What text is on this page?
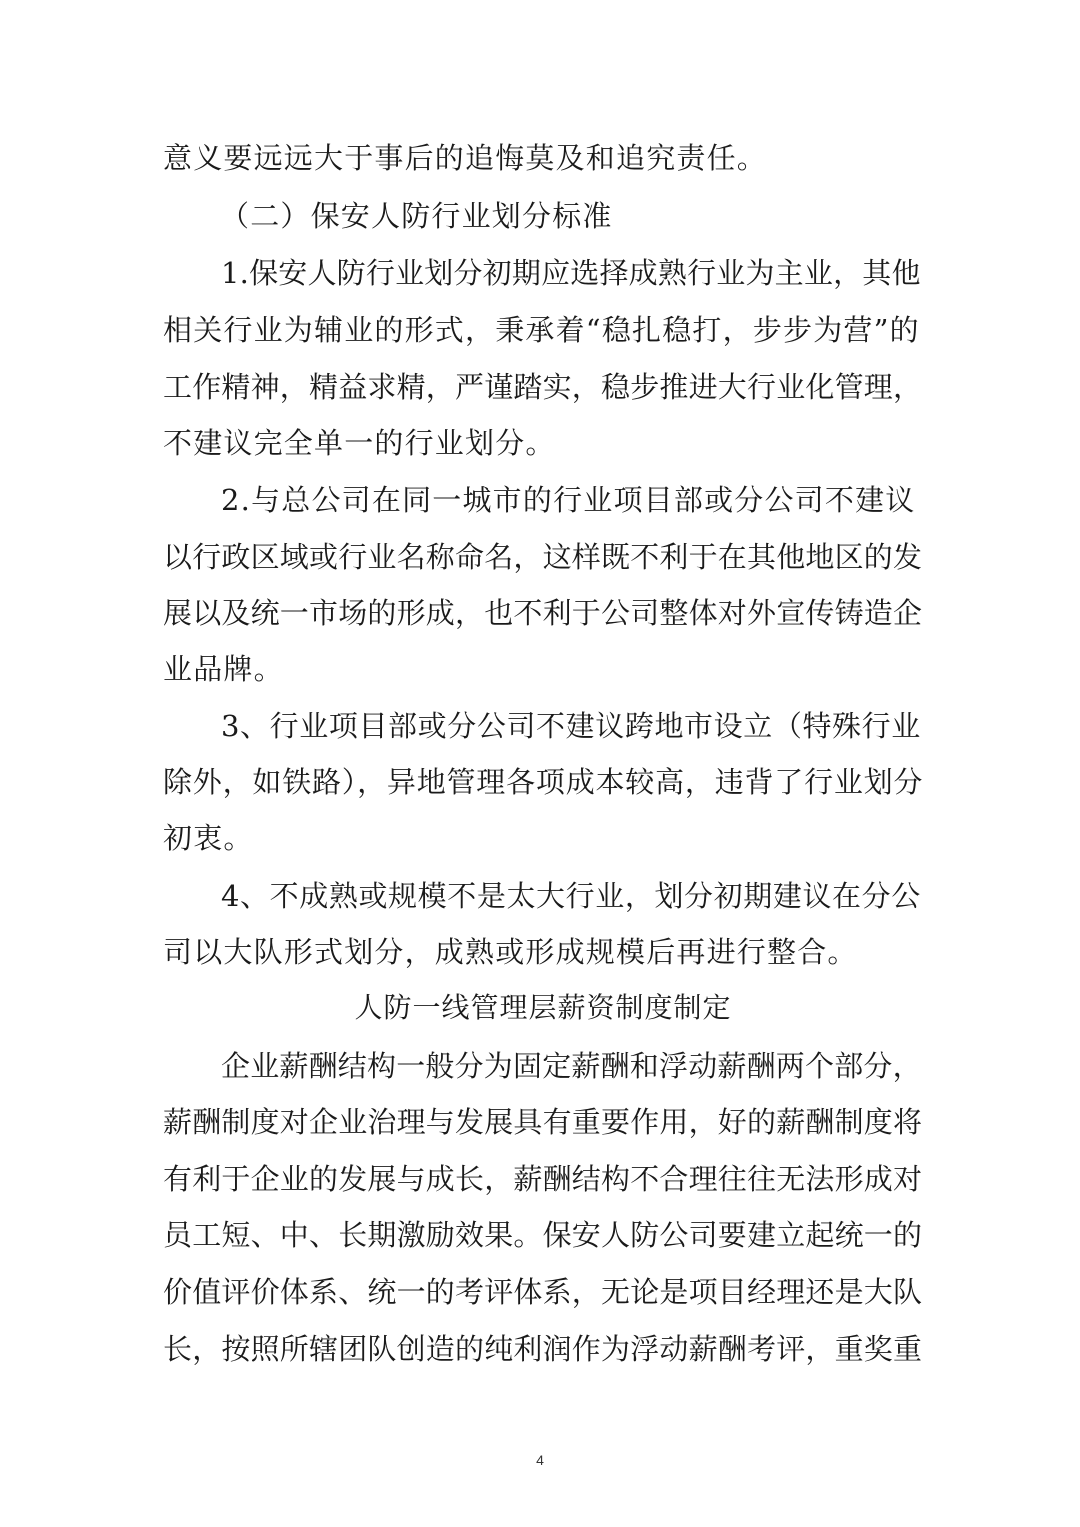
意义要远远大于事后的追悔莫及和追究责任。
（二）保安人防行业划分标准
1.保安人防行业划分初期应选择成熟行业为主业，其他
相关行业为辅业的形式，秉承着“稳扎稳打，步步为营”的
工作精神，精益求精，严谨踏实，稳步推进大行业化管理，
不建议完全单一的行业划分。
2.与总公司在同一城市的行业项目部或分公司不建议
以行政区域或行业名称命名，这样既不利于在其他地区的发
展以及统一市场的形成，也不利于公司整体对外宣传铸造企
业品牌。
3、行业项目部或分公司不建议跨地市设立（特殊行业
除外，如铁路），异地管理各项成本较高，违背了行业划分
初衷。
4、不成熟或规模不是太大行业，划分初期建议在分公
司以大队形式划分，成熟或形成规模后再进行整合。
人防一线管理层薪资制度制定
企业薪酬结构一般分为固定薪酬和浮动薪酬两个部分，
薪酬制度对企业治理与发展具有重要作用，好的薪酬制度将
有利于企业的发展与成长，薪酬结构不合理往往无法形成对
员工短、中、长期激励效果。保安人防公司要建立起统一的
价值评价体系、统一的考评体系，无论是项目经理还是大队
长，按照所辖团队创造的纯利润作为浮动薪酬考评，重奖重
4
